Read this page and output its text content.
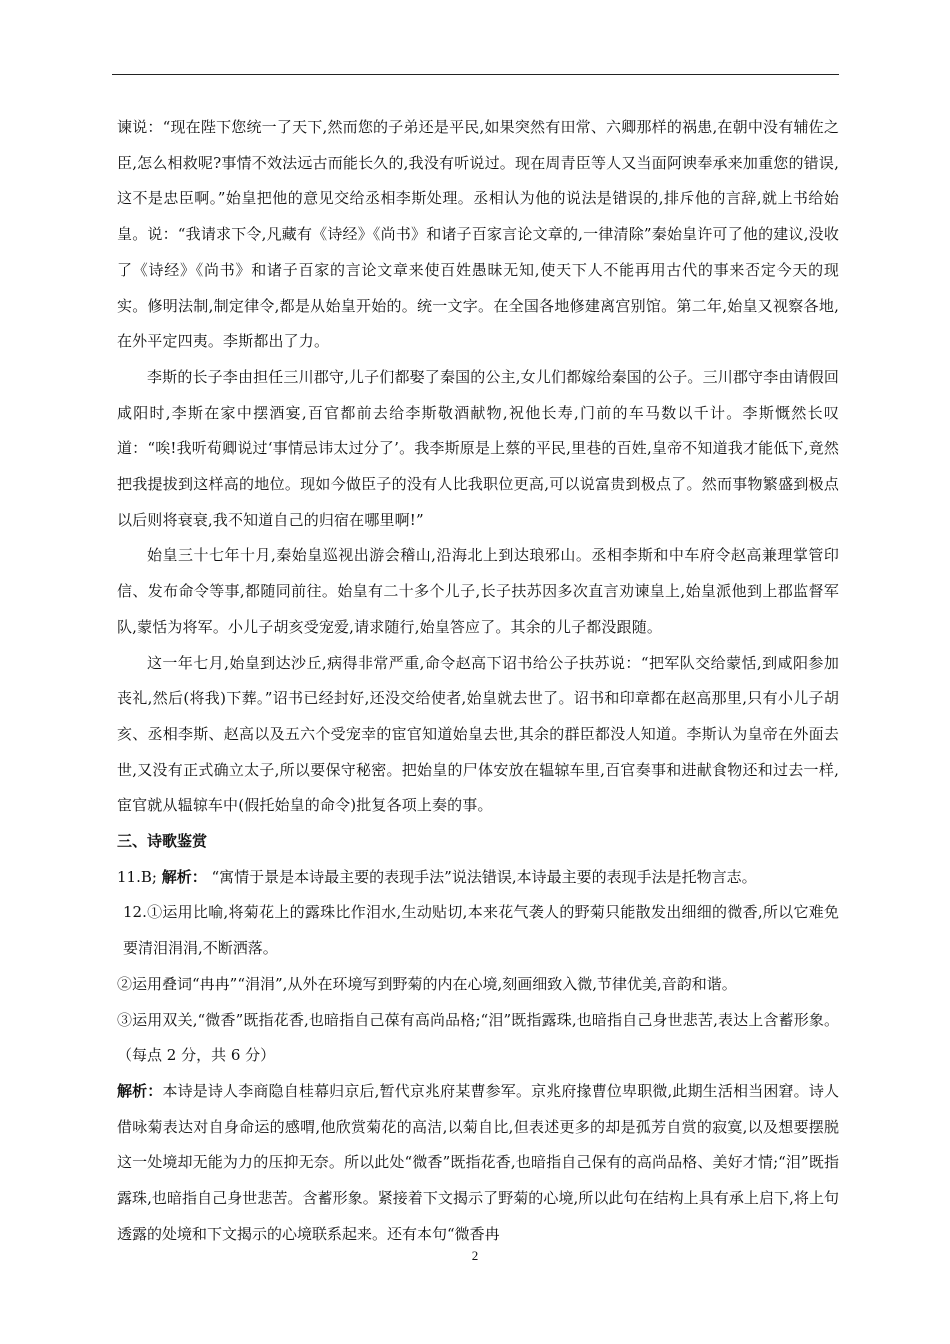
谏说：“现在陛下您统一了天下,然而您的子弟还是平民,如果突然有田常、六卿那样的祸患,在朝中没有辅佐之臣,怎么相救呢?事情不效法远古而能长久的,我没有听说过。现在周青臣等人又当面阿谀奉承来加重您的错误,这不是忠臣啊。”始皇把他的意见交给丞相李斯处理。丞相认为他的说法是错误的,排斥他的言辞,就上书给始皇。说：“我请求下令,凡藏有《诗经》《尚书》和诸子百家言论文章的,一律清除”秦始皇许可了他的建议,没收了《诗经》《尚书》和诸子百家的言论文章来使百姓愚昧无知,使天下人不能再用古代的事来否定今天的现实。修明法制,制定律令,都是从始皇开始的。统一文字。在全国各地修建离宫别馆。第二年,始皇又视察各地,在外平定四夷。李斯都出了力。

李斯的长子李由担任三川郡守,儿子们都娶了秦国的公主,女儿们都嫁给秦国的公子。三川郡守李由请假回咸阳时,李斯在家中摆酒宴,百官都前去给李斯敬酒献物,祝他长寿,门前的车马数以千计。李斯慨然长叹道：“唉!我听荀卿说过‘事情忌讳太过分了’。我李斯原是上蔡的平民,里巷的百姓,皇帝不知道我才能低下,竟然把我提拔到这样高的地位。现如今做臣子的没有人比我职位更高,可以说富贵到极点了。然而事物繁盛到极点以后则将衰衰,我不知道自己的归宿在哪里啊!”

始皇三十七年十月,秦始皇巡视出游会稽山,沿海北上到达琅邪山。丞相李斯和中车府令赵高兼理掌管印信、发布命令等事,都随同前往。始皇有二十多个儿子,长子扶苏因多次直言劝谏皇上,始皇派他到上郡监督军队,蒙恬为将军。小儿子胡亥受宠爱,请求随行,始皇答应了。其余的儿子都没跟随。

这一年七月,始皇到达沙丘,病得非常严重,命令赵高下诏书给公子扶苏说：“把军队交给蒙恬,到咸阳参加丧礼,然后(将我)下葬。”诏书已经封好,还没交给使者,始皇就去世了。诏书和印章都在赵高那里,只有小儿子胡亥、丞相李斯、赵高以及五六个受宠幸的宦官知道始皇去世,其余的群臣都没人知道。李斯认为皇帝在外面去世,又没有正式确立太子,所以要保守秘密。把始皇的尸体安放在辒辌车里,百官奏事和进献食物还和过去一样,宦官就从辒辌车中(假托始皇的命令)批复各项上奏的事。

三、诗歌鉴赏

11.B; 解析： “寓情于景是本诗最主要的表现手法”说法错误,本诗最主要的表现手法是托物言志。

12.①运用比喻,将菊花上的露珠比作泪水,生动贴切,本来花气袭人的野菊只能散发出细细的微香,所以它难免要清泪涓涓,不断洒落。

②运用叠词“冉冉”“涓涓”,从外在环境写到野菊的内在心境,刻画细致入微,节律优美,音韵和谐。

③运用双关,“微香”既指花香,也暗指自己葆有高尚品格;“泪”既指露珠,也暗指自己身世悲苦,表达上含蓄形象。（每点 2 分，共 6 分）

解析：本诗是诗人李商隐自桂幕归京后,暂代京兆府某曹参军。京兆府掾曹位卑职微,此期生活相当困窘。诗人借咏菊表达对自身命运的感喟,他欣赏菊花的高洁,以菊自比,但表述更多的却是孤芳自赏的寂寞,以及想要摆脱这一处境却无能为力的压抑无奈。所以此处“微香”既指花香,也暗指自己保有的高尚品格、美好才情;“泪”既指露珠,也暗指自己身世悲苦。含蓄形象。紧接着下文揭示了野菊的心境,所以此句在结构上具有承上启下,将上句透露的处境和下文揭示的心境联系起来。还有本句“微香冉

2
